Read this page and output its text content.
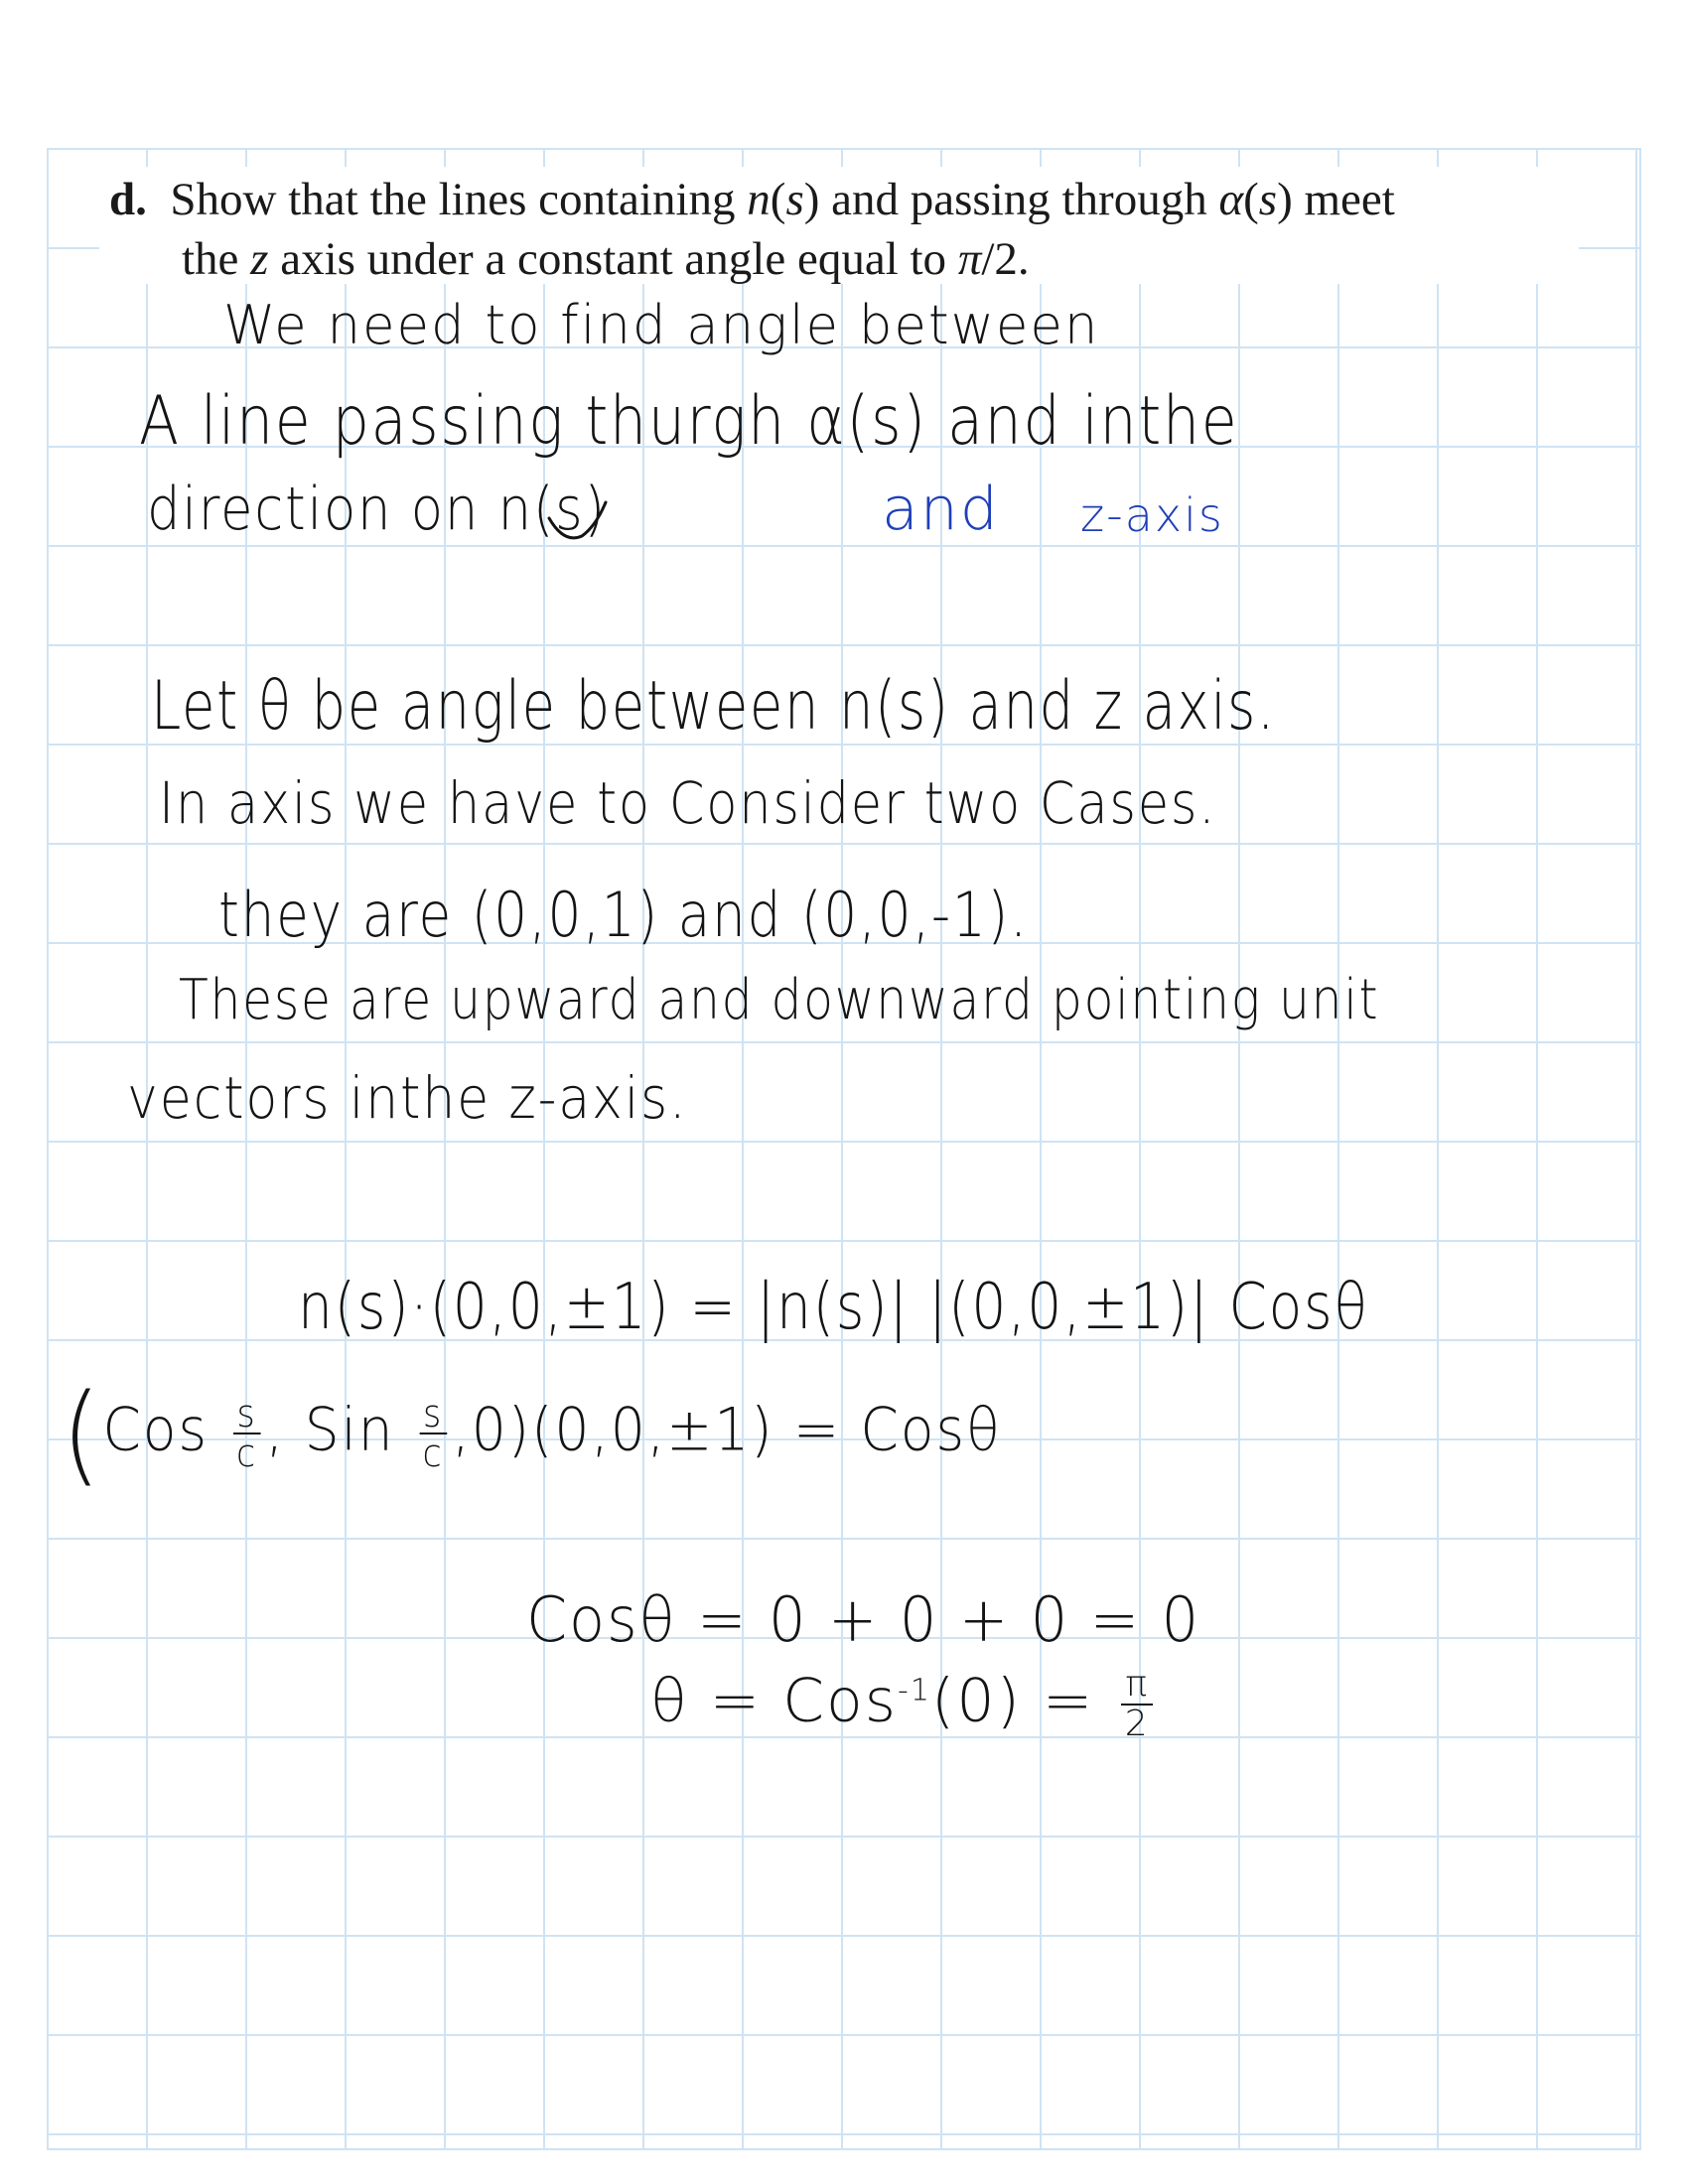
d. Show that the lines containing n(s) and passing through α(s) meet
the z axis under a constant angle equal to π/2.
We need to find angle between
A line passing thurgh α(s) and inthe
direction on n(s)	and z-axis
Let θ be angle between n(s) and z axis.
In axis we have to Consider two Cases.
they are (0,0,1) and (0,0,-1).
These are upward and downward pointing unit
vectors inthe z-axis.
n(s)·(0,0,±1) = |n(s)| |(0,0,±1)| Cosθ
($Cos \frac{s}{c}$ , Sin $\frac{s}{c} ,0)(0,0,\pm 1) = Cos\theta$
Cosθ = 0 + 0 + 0 = 0
$\theta = Cos^{-1}(0) = \frac{\pi}{2}$
